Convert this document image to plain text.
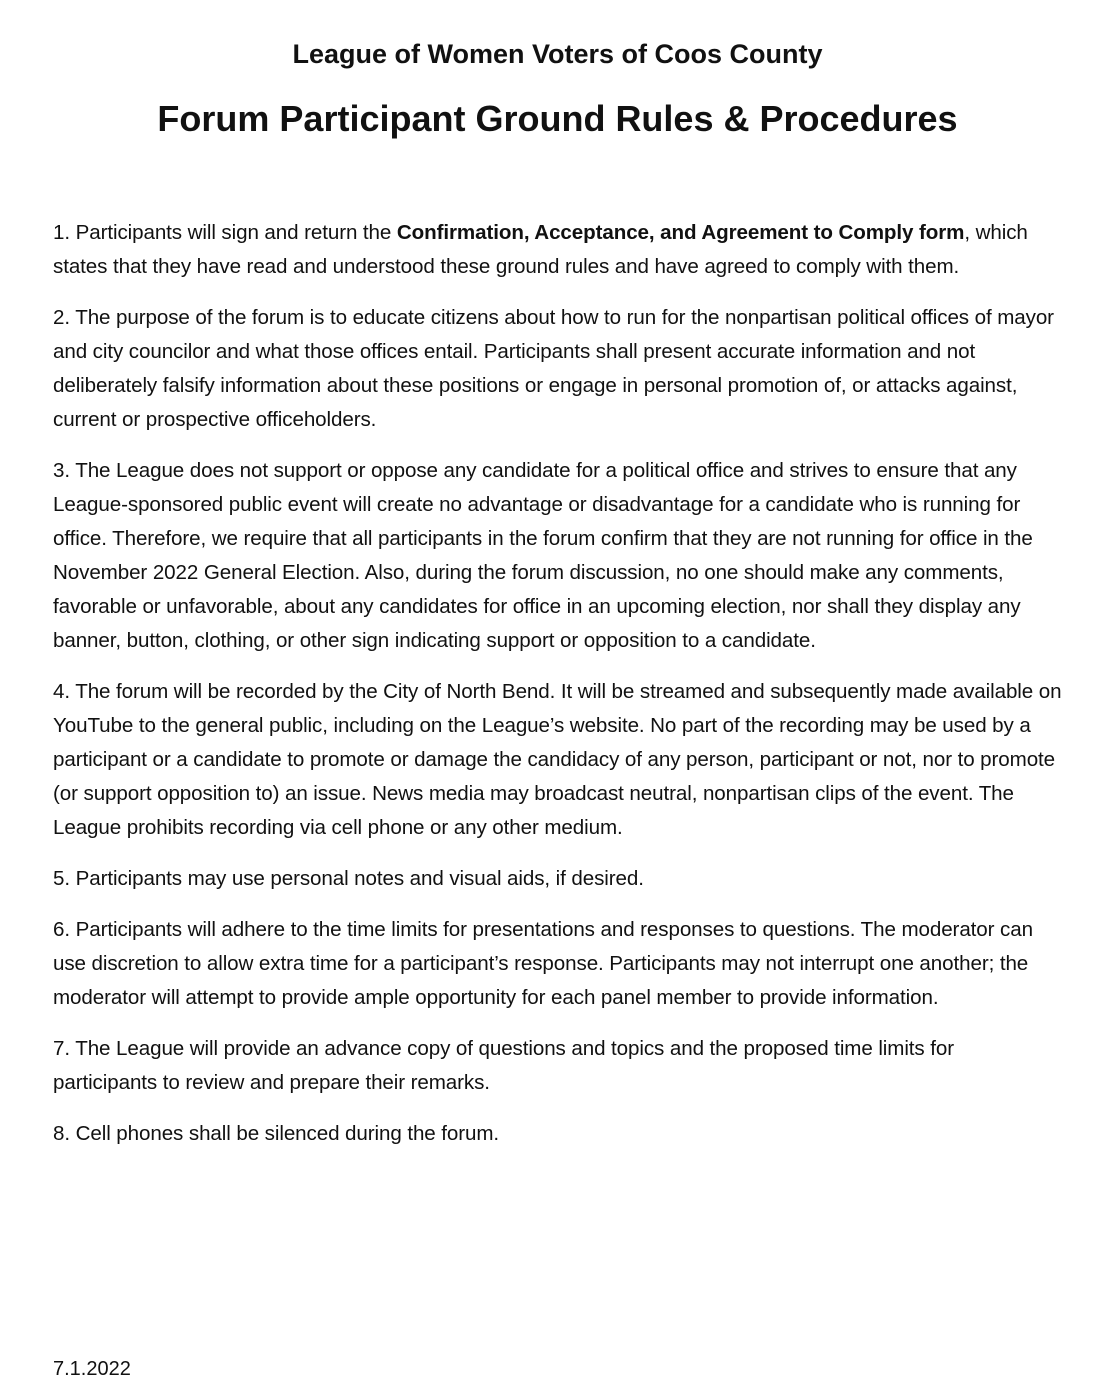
League of Women Voters of Coos County
Forum Participant Ground Rules & Procedures

1. Participants will sign and return the Confirmation, Acceptance, and Agreement to Comply form, which states that they have read and understood these ground rules and have agreed to comply with them.

2. The purpose of the forum is to educate citizens about how to run for the nonpartisan political offices of mayor and city councilor and what those offices entail. Participants shall present accurate information and not deliberately falsify information about these positions or engage in personal promotion of, or attacks against, current or prospective officeholders.

3. The League does not support or oppose any candidate for a political office and strives to ensure that any League-sponsored public event will create no advantage or disadvantage for a candidate who is running for office. Therefore, we require that all participants in the forum confirm that they are not running for office in the November 2022 General Election. Also, during the forum discussion, no one should make any comments, favorable or unfavorable, about any candidates for office in an upcoming election, nor shall they display any banner, button, clothing, or other sign indicating support or opposition to a candidate.

4. The forum will be recorded by the City of North Bend. It will be streamed and subsequently made available on YouTube to the general public, including on the League’s website. No part of the recording may be used by a participant or a candidate to promote or damage the candidacy of any person, participant or not, nor to promote (or support opposition to) an issue. News media may broadcast neutral, nonpartisan clips of the event. The League prohibits recording via cell phone or any other medium.

5. Participants may use personal notes and visual aids, if desired.

6. Participants will adhere to the time limits for presentations and responses to questions. The moderator can use discretion to allow extra time for a participant’s response. Participants may not interrupt one another; the moderator will attempt to provide ample opportunity for each panel member to provide information.

7. The League will provide an advance copy of questions and topics and the proposed time limits for participants to review and prepare their remarks.

8. Cell phones shall be silenced during the forum.

7.1.2022
